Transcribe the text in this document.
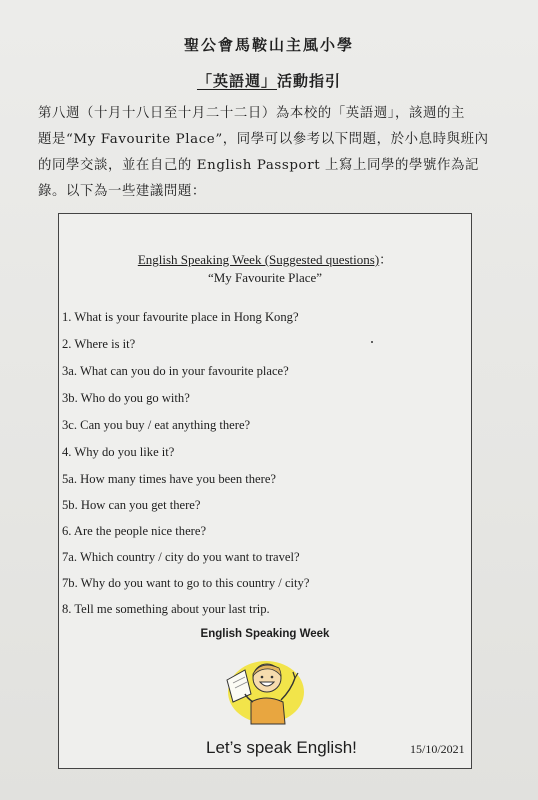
聖公會馬鞍山主風小學
「英語週」活動指引
第八週（十月十八日至十月二十二日）為本校的「英語週」，該週的主
題是“My Favourite Place”，同學可以參考以下問題，於小息時與班內
的同學交談，並在自己的 English Passport 上寫上同學的學號作為記
錄。以下為一些建議問題：
English Speaking Week (Suggested questions)：
“My Favourite Place”
1. What is your favourite place in Hong Kong?
2. Where is it?
3a. What can you do in your favourite place?
3b. Who do you go with?
3c. Can you buy / eat anything there?
4. Why do you like it?
5a. How many times have you been there?
5b. How can you get there?
6. Are the people nice there?
7a. Which country / city do you want to travel?
7b. Why do you want to go to this country / city?
8. Tell me something about your last trip.
English Speaking Week
Let’s speak English!	15/10/2021
